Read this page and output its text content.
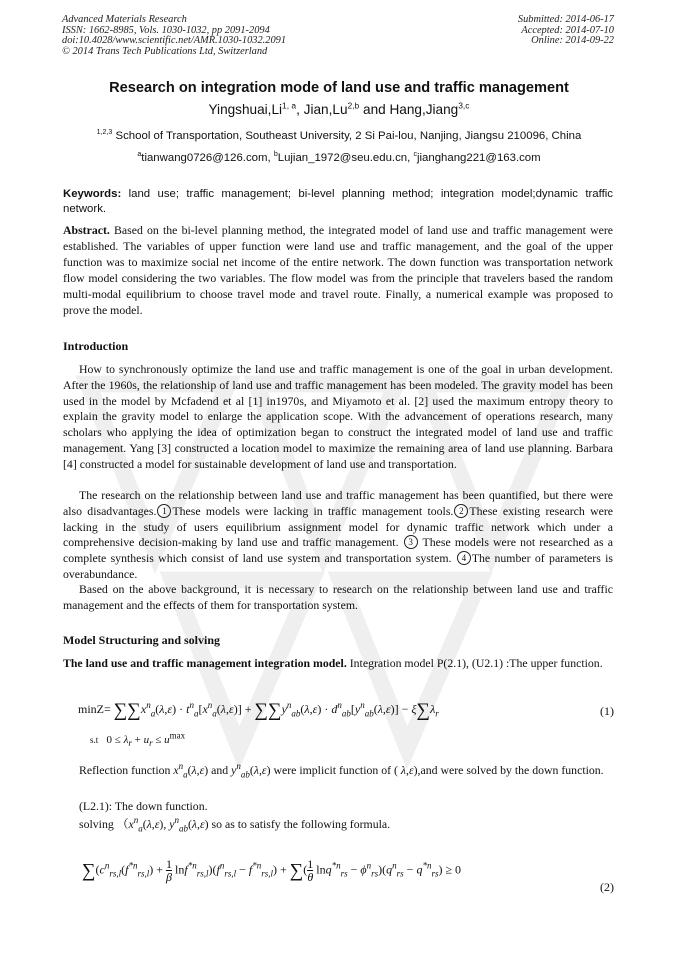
Advanced Materials Research
ISSN: 1662-8985, Vols. 1030-1032, pp 2091-2094
doi:10.4028/www.scientific.net/AMR.1030-1032.2091
© 2014 Trans Tech Publications Ltd, Switzerland
Submitted: 2014-06-17
Accepted: 2014-07-10
Online: 2014-09-22
Research on integration mode of land use and traffic management
Yingshuai,Li$^{1, a}$, Jian,Lu$^{2,b}$ and Hang,Jiang$^{3,c}$
$^{1,2,3}$ School of Transportation, Southeast University, 2 Si Pai-lou, Nanjing, Jiangsu 210096, China
$^a$tianwang0726@126.com, $^b$Lujian_1972@seu.edu.cn, $^c$jianghang221@163.com
Keywords: land use; traffic management; bi-level planning method; integration model;dynamic traffic network.
Abstract. Based on the bi-level planning method, the integrated model of land use and traffic management were established. The variables of upper function were land use and traffic management, and the goal of the upper function was to maximize social net income of the entire network. The down function was transportation network flow model considering the two variables. The flow model was from the principle that travelers based the random multi-modal equilibrium to choose travel mode and travel route. Finally, a numerical example was proposed to prove the model.
Introduction
How to synchronously optimize the land use and traffic management is one of the goal in urban development. After the 1960s, the relationship of land use and traffic management has been modeled. The gravity model has been used in the model by Mcfadend et al [1] in1970s, and Miyamoto et al. [2] used the maximum entropy theory to explain the gravity model to enlarge the application scope. With the advancement of operations research, many scholars who applying the idea of optimization began to construct the integrated model of land use and traffic management. Yang [3] constructed a location model to maximize the remaining area of land use planning. Barbara [4] constructed a model for sustainable development of land use and transportation.
The research on the relationship between land use and traffic management has been quantified, but there were also disadvantages. 1 These models were lacking in traffic management tools. 2 These existing research were lacking in the study of users equilibrium assignment model for dynamic traffic network which under a comprehensive decision-making by land use and traffic management. 3 These models were not researched as a complete synthesis which consist of land use system and transportation system. 4 The number of parameters is overabundance.
Based on the above background, it is necessary to research on the relationship between land use and traffic management and the effects of them for transportation system.
Model Structuring and solving
The land use and traffic management integration model. Integration model P(2.1), (U2.1) :The upper function.
$\min Z= \sum\sum x^n_a(\lambda,\varepsilon) \cdot t^n_a[x^n_a(\lambda,\varepsilon)] + \sum\sum y^n_{ab}(\lambda,\varepsilon) \cdot d^n_{ab}[y^n_{ab}(\lambda,\varepsilon)] - \xi\sum\lambda_r$	(1)
s.t   $0 \le \lambda_r + u_r \le u^{max}$
Reflection function $x^n_a(\lambda,\varepsilon)$ and $y^n_{ab}(\lambda,\varepsilon)$ were implicit function of ( λ,ε),and were solved by the down function.
(L2.1): The down function.
solving （$x^n_a(\lambda,\varepsilon)$, $y^n_{ab}(\lambda,\varepsilon)$ so as to satisfy the following formula.
$\sum(c^n_{rs,l}(f^{*n}_{rs,l}) + \frac{1}{\beta} \ln f^{*n}_{rs,l})(f^n_{rs,l} - f^{*n}_{rs,l})$ + ∑( $\frac{1}{\theta} \ln q^{*n}_{rs} - \phi^n_{rs})(q^n_{rs} - q^{*n}_{rs}) \ge 0$
(2)
